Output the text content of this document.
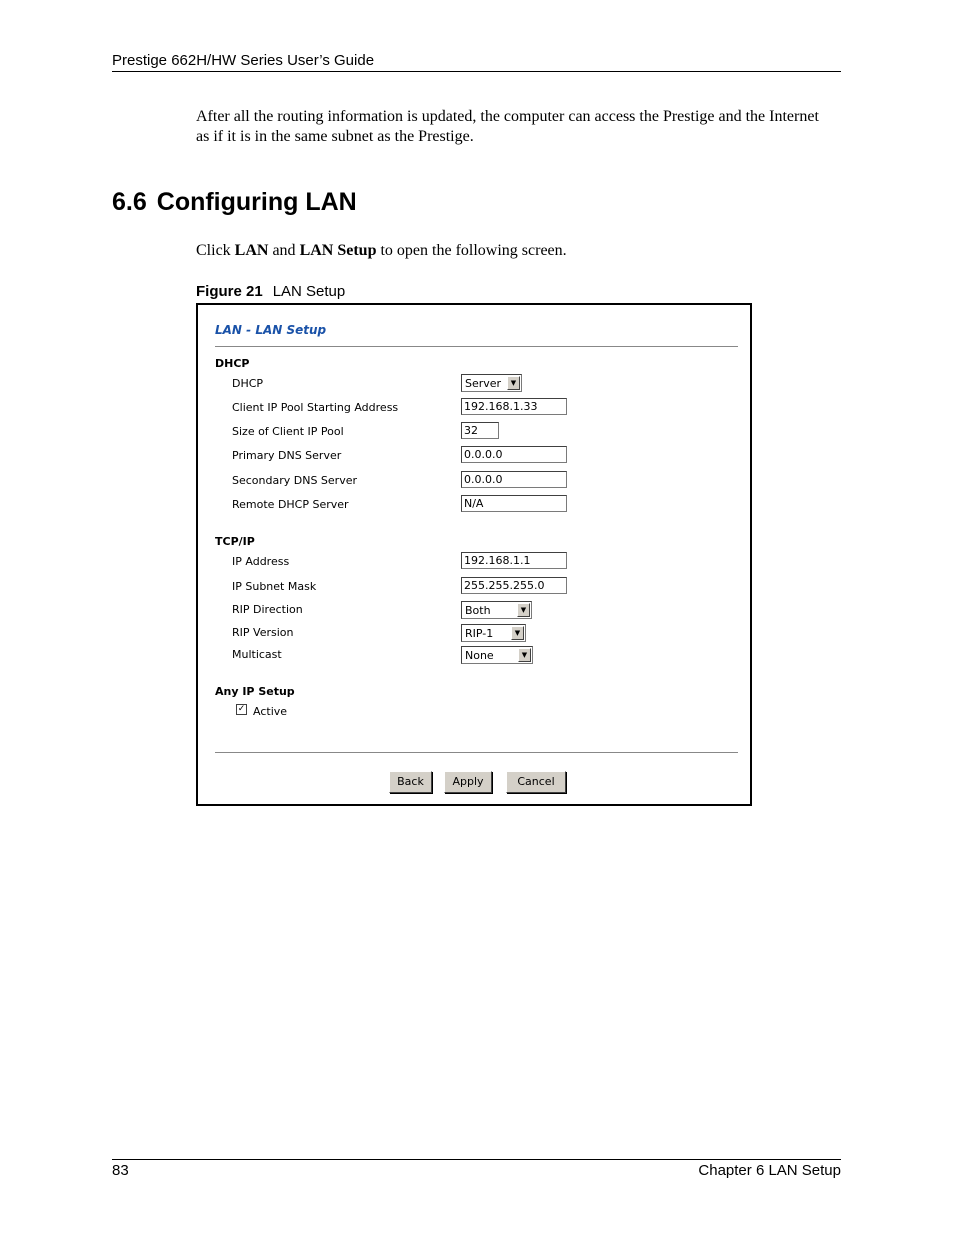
Prestige 662H/HW Series User’s Guide
After all the routing information is updated, the computer can access the Prestige and the Internet as if it is in the same subnet as the Prestige.
6.6 Configuring LAN
Click LAN and LAN Setup to open the following screen.
Figure 21 LAN Setup
LAN - LAN Setup
DHCP
DHCP	Server	▼
Client IP Pool Starting Address	192.168.1.33
Size of Client IP Pool	32
Primary DNS Server	0.0.0.0
Secondary DNS Server	0.0.0.0
Remote DHCP Server	N/A
TCP/IP
IP Address	192.168.1.1
IP Subnet Mask	255.255.255.0
RIP Direction	Both	▼
RIP Version	RIP-1	▼
Multicast	None	▼
Any IP Setup
✓ Active
Back	Apply	Cancel
83	Chapter 6 LAN Setup
